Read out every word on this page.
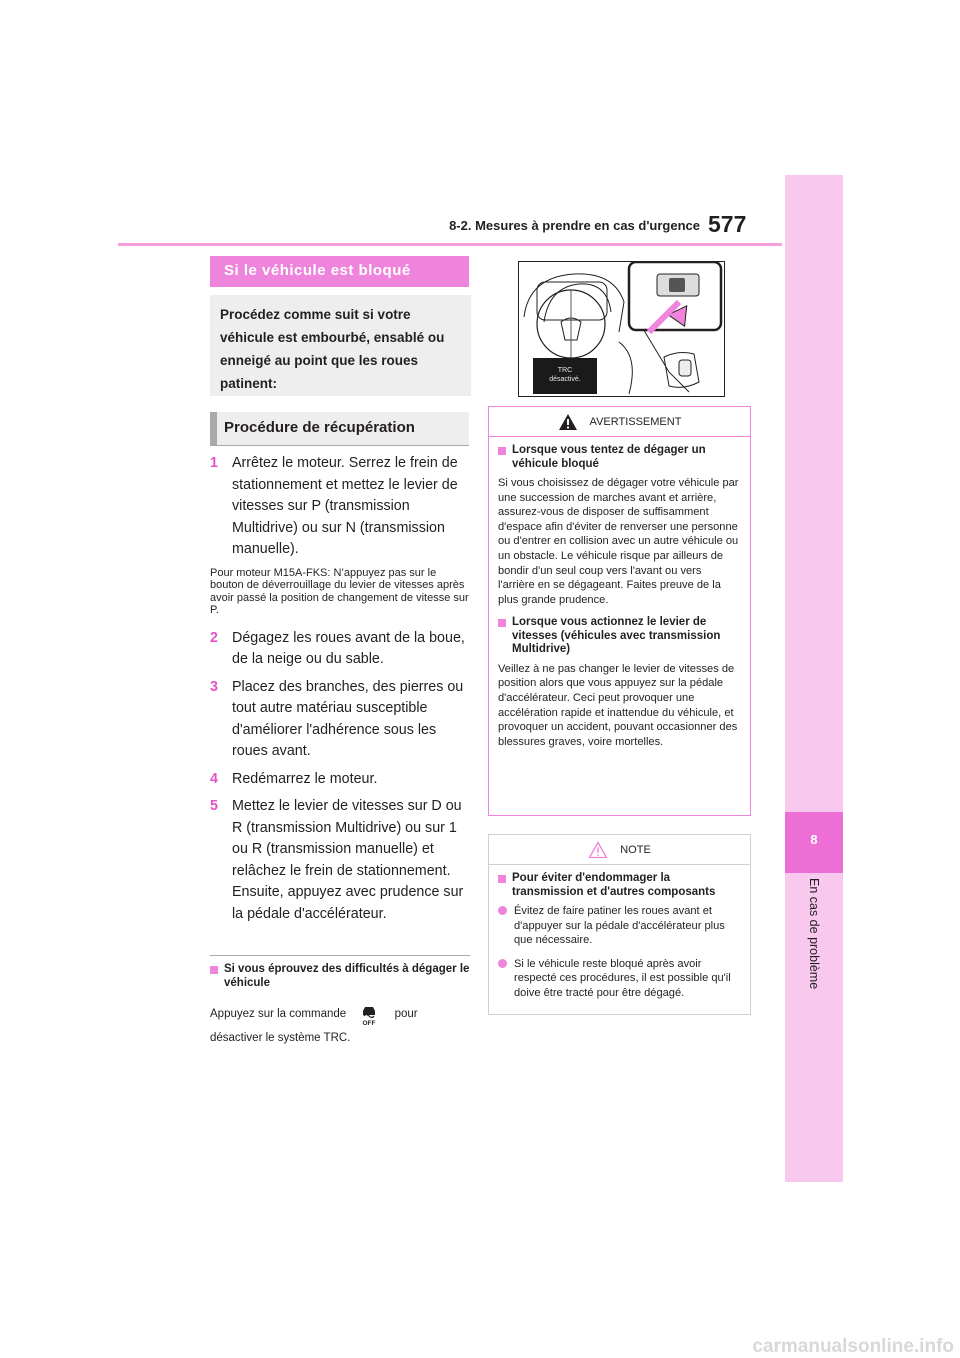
8-2. Mesures à prendre en cas d'urgence 577
8
En cas de problème
Si le véhicule est bloqué
Procédez comme suit si votre véhicule est embourbé, ensablé ou enneigé au point que les roues patinent:
Procédure de récupération
1 Arrêtez le moteur. Serrez le frein de stationnement et mettez le levier de vitesses sur P (transmission Multidrive) ou sur N (transmission manuelle).
Pour moteur M15A-FKS: N’appuyez pas sur le bouton de déverrouillage du levier de vitesses après avoir passé la position de changement de vitesse sur P.
2 Dégagez les roues avant de la boue, de la neige ou du sable.
3 Placez des branches, des pierres ou tout autre matériau susceptible d'améliorer l'adhérence sous les roues avant.
4 Redémarrez le moteur.
5 Mettez le levier de vitesses sur D ou R (transmission Multidrive) ou sur 1 ou R (transmission manuelle) et relâchez le frein de stationnement. Ensuite, appuyez avec prudence sur la pédale d'accélérateur.
Si vous éprouvez des difficultés à dégager le véhicule
Appuyez sur la commande
OFF
pour désactiver le système TRC.
TRC
désactivé.
AVERTISSEMENT
Lorsque vous tentez de dégager un véhicule bloqué
Si vous choisissez de dégager votre véhicule par une succession de marches avant et arrière, assurez-vous de disposer de suffisamment d'espace afin d'éviter de renverser une personne ou d'entrer en collision avec un autre véhicule ou un obstacle. Le véhicule risque par ailleurs de bondir d'un seul coup vers l'avant ou vers l'arrière en se dégageant. Faites preuve de la plus grande prudence.
Lorsque vous actionnez le levier de vitesses (véhicules avec transmission Multidrive)
Veillez à ne pas changer le levier de vitesses de position alors que vous appuyez sur la pédale d'accélérateur. Ceci peut provoquer une accélération rapide et inattendue du véhicule, et provoquer un accident, pouvant occasionner des blessures graves, voire mortelles.
NOTE
Pour éviter d'endommager la transmission et d'autres composants
Évitez de faire patiner les roues avant et d'appuyer sur la pédale d'accélérateur plus que nécessaire.
Si le véhicule reste bloqué après avoir respecté ces procédures, il est possible qu'il doive être tracté pour être dégagé.
carmanualsonline.info
